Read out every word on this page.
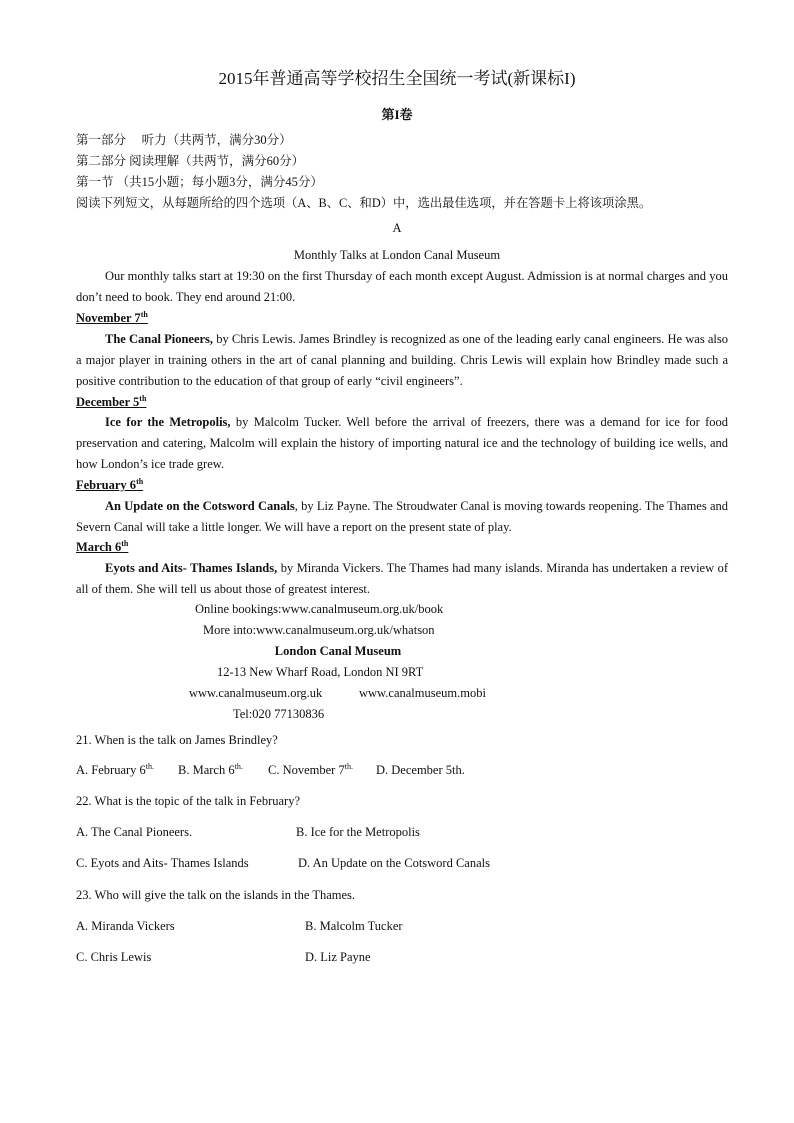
2015年普通高等学校招生全国统一考试(新课标I)
第I卷
第一部分　 听力（共两节，满分30分）
第二部分 阅读理解（共两节，满分60分）
第一节 （共15小题；每小题3分，满分45分）
阅读下列短文，从每题所给的四个选项（A、B、C、和D）中，选出最佳选项，并在答题卡上将该项涂黑。
A
Monthly Talks at London Canal Museum
Our monthly talks start at 19:30 on the first Thursday of each month except August. Admission is at normal charges and you don’t need to book. They end around 21:00.
November 7th
The Canal Pioneers, by Chris Lewis. James Brindley is recognized as one of the leading early canal engineers. He was also a major player in training others in the art of canal planning and building. Chris Lewis will explain how Brindley made such a positive contribution to the education of that group of early “civil engineers”.
December 5th
Ice for the Metropolis, by Malcolm Tucker. Well before the arrival of freezers, there was a demand for ice for food preservation and catering, Malcolm will explain the history of importing natural ice and the technology of building ice wells, and how London’s ice trade grew.
February 6th
An Update on the Cotsword Canals, by Liz Payne. The Stroudwater Canal is moving towards reopening. The Thames and Severn Canal will take a little longer. We will have a report on the present state of play.
March 6th
Eyots and Aits- Thames Islands, by Miranda Vickers. The Thames had many islands. Miranda has undertaken a review of all of them. She will tell us about those of greatest interest.
Online bookings:www.canalmuseum.org.uk/book
More into:www.canalmuseum.org.uk/whatson
London Canal Museum
12-13 New Wharf Road, London NI 9RT
www.canalmuseum.org.uk	www.canalmuseum.mobi
Tel:020 77130836
21. When is the talk on James Brindley?
A. February $6^{th.}$ B. March $6^{th.}$ C. November $7^{th.}$ D. December 5th.
22. What is the topic of the talk in February?
A. The Canal Pioneers.	B. Ice for the Metropolis
C. Eyots and Aits- Thames Islands	D. An Update on the Cotsword Canals
23. Who will give the talk on the islands in the Thames.
A. Miranda Vickers	B. Malcolm Tucker
C. Chris Lewis	D. Liz Payne
